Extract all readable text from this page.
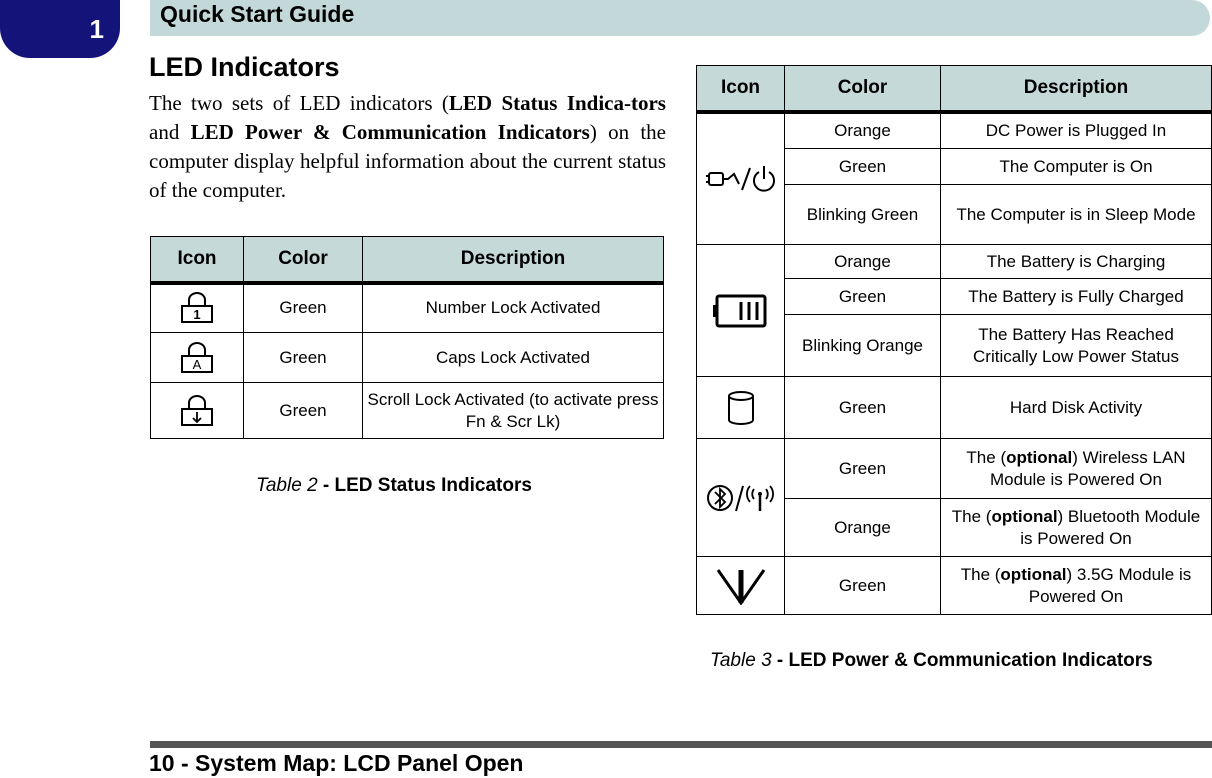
1 Quick Start Guide
LED Indicators
The two sets of LED indicators (LED Status Indica-tors and LED Power & Communication Indicators) on the computer display helpful information about the current status of the computer.
Icon	Color	Description

1	Green	Number Lock Activated

A	Green	Caps Lock Activated

	Green	Scroll Lock Activated (to activate press Fn & Scr Lk)
Table 2 - LED Status Indicators
Icon	Color	Description

	Orange	DC Power is Plugged In
	Green	The Computer is On
	Blinking Green	The Computer is in Sleep Mode

	Orange	The Battery is Charging
	Green	The Battery is Fully Charged
	Blinking Orange	The Battery Has Reached Critically Low Power Status

	Green	Hard Disk Activity

	Green	The (optional) Wireless LAN Module is Powered On
	Orange	The (optional) Bluetooth Module is Powered On

	Green	The (optional) 3.5G Module is Powered On
Table 3 - LED Power & Communication Indicators
10 - System Map: LCD Panel Open
